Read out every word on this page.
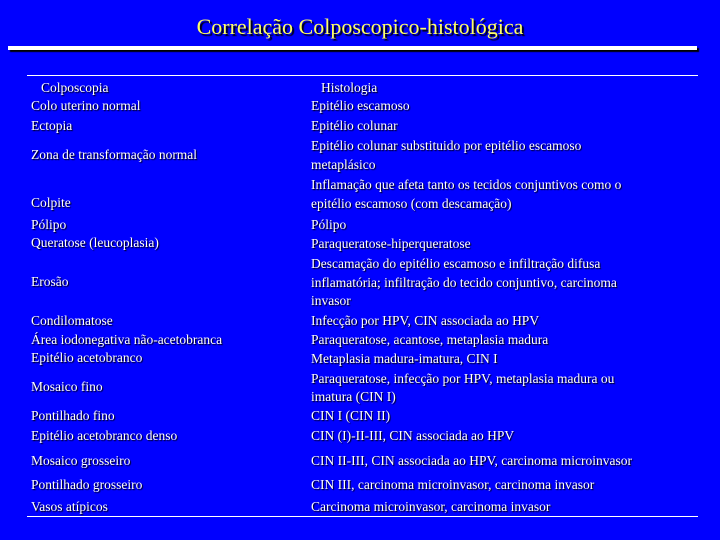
Correlação Colposcopico-histológica
Colposcopia	Histologia
Colo uterino normal
Ectopia
Zona de transformação normal
Colpite
Pólipo
Queratose (leucoplasia)
Erosão
Condilomatose
Área iodonegativa não-acetobranca
Epitélio acetobranco
Mosaico fino
Pontilhado fino
Epitélio acetobranco denso
Mosaico grosseiro
Pontilhado grosseiro
Vasos atípicos
Epitélio escamoso
Epitélio colunar
Epitélio colunar substituido por epitélio escamoso
metaplásico
Inflamação que afeta tanto os tecidos conjuntivos como o
epitélio escamoso (com descamação)
Pólipo
Paraqueratose-hiperqueratose
Descamação do epitélio escamoso e infiltração difusa
inflamatória; infiltração do tecido conjuntivo, carcinoma
invasor
Infecção por HPV, CIN associada ao HPV
Paraqueratose, acantose, metaplasia madura
Metaplasia madura-imatura, CIN I
Paraqueratose, infecção por HPV, metaplasia madura ou
imatura (CIN I)
CIN I (CIN II)
CIN (I)-II-III, CIN associada ao HPV
CIN II-III, CIN associada ao HPV, carcinoma microinvasor
CIN III, carcinoma microinvasor, carcinoma invasor
Carcinoma microinvasor, carcinoma invasor
